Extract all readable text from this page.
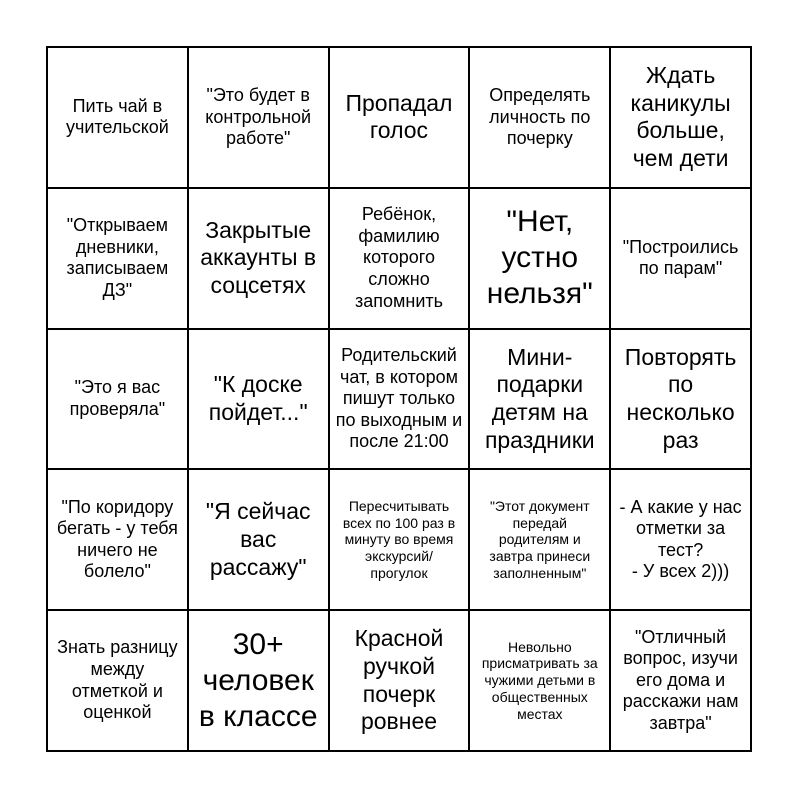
Пить чай в учительской
"Это будет в контрольной работе"
Пропадал голос
Определять личность по почерку
Ждать каникулы больше, чем дети
"Открываем дневники, записываем ДЗ"
Закрытые аккаунты в соцсетях
Ребёнок, фамилию которого сложно запомнить
"Нет, устно нельзя"
"Построились по парам"
"Это я вас проверяла"
"К доске пойдет..."
Родительский чат, в котором пишут только по выходным и после 21:00
Мини-подарки детям на праздники
Повторять по несколько раз
"По коридору бегать - у тебя ничего не болело"
"Я сейчас вас рассажу"
Пересчитывать всех по 100 раз в минуту во время экскурсий/ прогулок
"Этот документ передай родителям и завтра принеси заполненным"
- А какие у нас отметки за тест?
- У всех 2)))
Знать разницу между отметкой и оценкой
30+ человек в классе
Красной ручкой почерк ровнее
Невольно присматривать за чужими детьми в общественных местах
"Отличный вопрос, изучи его дома и расскажи нам завтра"
